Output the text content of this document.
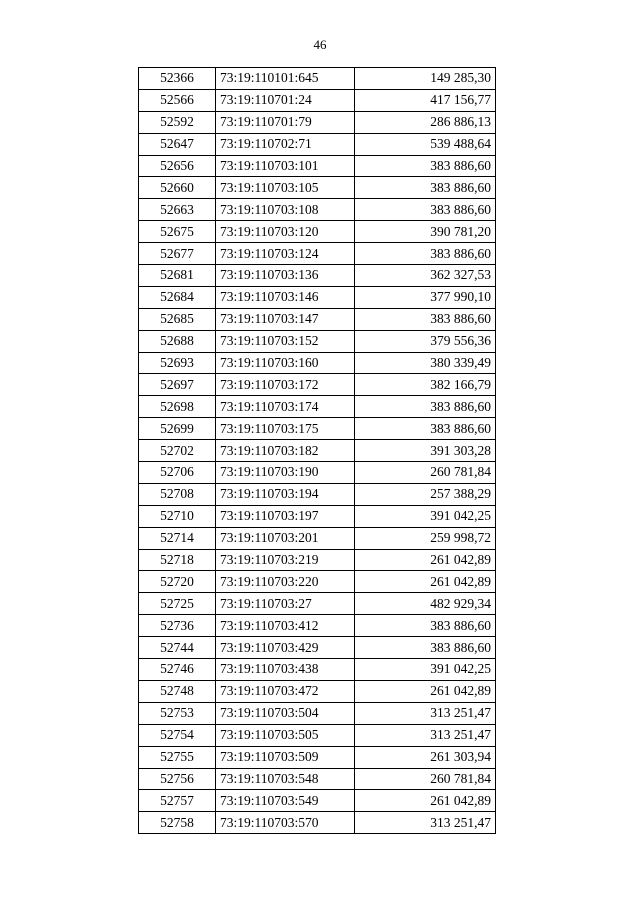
46
52366	73:19:110101:645	149 285,30
52566	73:19:110701:24	417 156,77
52592	73:19:110701:79	286 886,13
52647	73:19:110702:71	539 488,64
52656	73:19:110703:101	383 886,60
52660	73:19:110703:105	383 886,60
52663	73:19:110703:108	383 886,60
52675	73:19:110703:120	390 781,20
52677	73:19:110703:124	383 886,60
52681	73:19:110703:136	362 327,53
52684	73:19:110703:146	377 990,10
52685	73:19:110703:147	383 886,60
52688	73:19:110703:152	379 556,36
52693	73:19:110703:160	380 339,49
52697	73:19:110703:172	382 166,79
52698	73:19:110703:174	383 886,60
52699	73:19:110703:175	383 886,60
52702	73:19:110703:182	391 303,28
52706	73:19:110703:190	260 781,84
52708	73:19:110703:194	257 388,29
52710	73:19:110703:197	391 042,25
52714	73:19:110703:201	259 998,72
52718	73:19:110703:219	261 042,89
52720	73:19:110703:220	261 042,89
52725	73:19:110703:27	482 929,34
52736	73:19:110703:412	383 886,60
52744	73:19:110703:429	383 886,60
52746	73:19:110703:438	391 042,25
52748	73:19:110703:472	261 042,89
52753	73:19:110703:504	313 251,47
52754	73:19:110703:505	313 251,47
52755	73:19:110703:509	261 303,94
52756	73:19:110703:548	260 781,84
52757	73:19:110703:549	261 042,89
52758	73:19:110703:570	313 251,47
